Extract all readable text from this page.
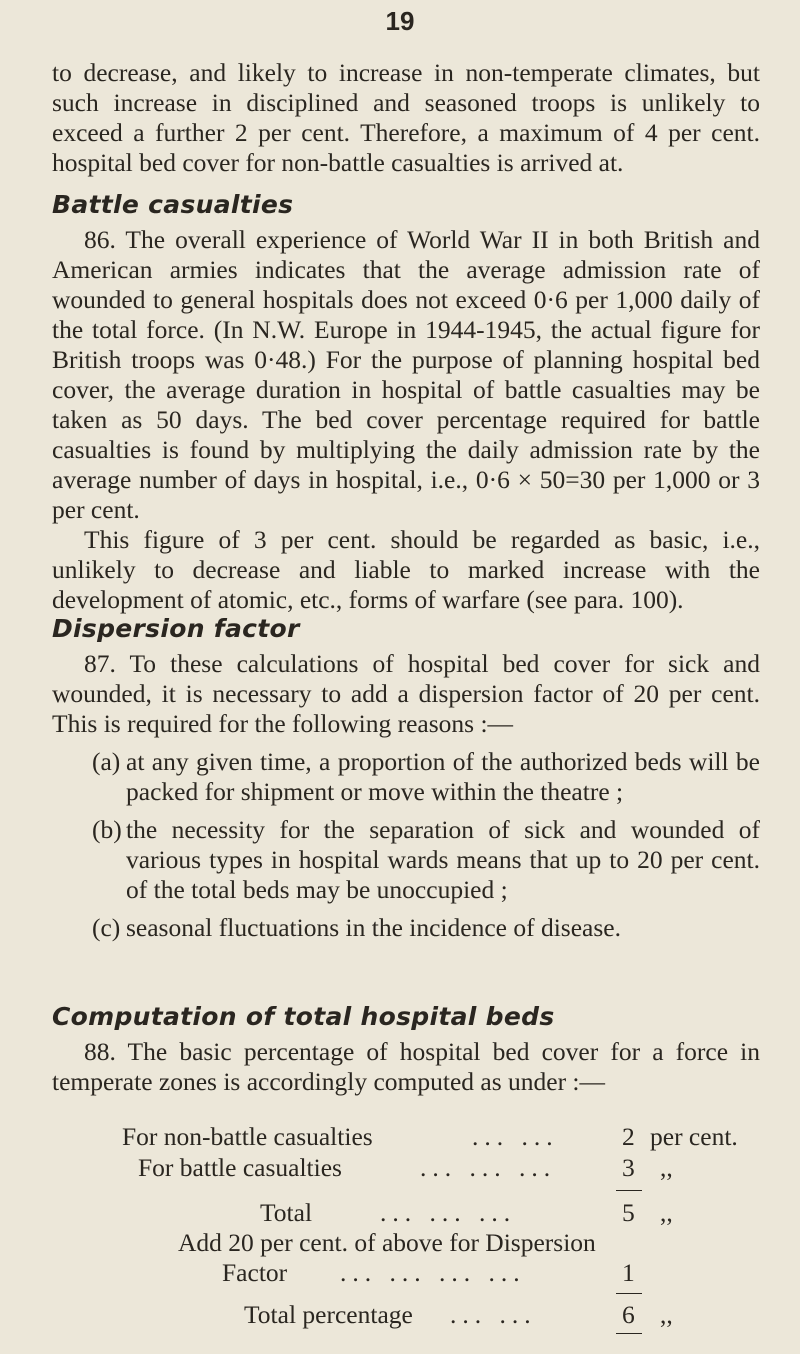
19

to decrease, and likely to increase in non-temperate climates, but such increase in disciplined and seasoned troops is unlikely to exceed a further 2 per cent. Therefore, a maximum of 4 per cent. hospital bed cover for non-battle casualties is arrived at.

Battle casualties

86. The overall experience of World War II in both British and American armies indicates that the average admission rate of wounded to general hospitals does not exceed 0·6 per 1,000 daily of the total force. (In N.W. Europe in 1944-1945, the actual figure for British troops was 0·48.) For the purpose of planning hospital bed cover, the average duration in hospital of battle casualties may be taken as 50 days. The bed cover percentage required for battle casualties is found by multiplying the daily admission rate by the average number of days in hospital, i.e., 0·6 × 50=30 per 1,000 or 3 per cent.

This figure of 3 per cent. should be regarded as basic, i.e., unlikely to decrease and liable to marked increase with the development of atomic, etc., forms of warfare (see para. 100).

Dispersion factor

87. To these calculations of hospital bed cover for sick and wounded, it is necessary to add a dispersion factor of 20 per cent. This is required for the following reasons :—

(a) at any given time, a proportion of the authorized beds will be packed for shipment or move within the theatre ;
(b) the necessity for the separation of sick and wounded of various types in hospital wards means that up to 20 per cent. of the total beds may be unoccupied ;
(c) seasonal fluctuations in the incidence of disease.
Computation of total hospital beds

88. The basic percentage of hospital bed cover for a force in temperate zones is accordingly computed as under :—

For non-battle casualties	... ... 2 per cent.
For battle casualties	... ... ...	3 ,,
Total	... ... ...	5 ,,
Add 20 per cent. of above for Dispersion
Factor ... ... ... ...	1
Total percentage ... ...	6 ,,
